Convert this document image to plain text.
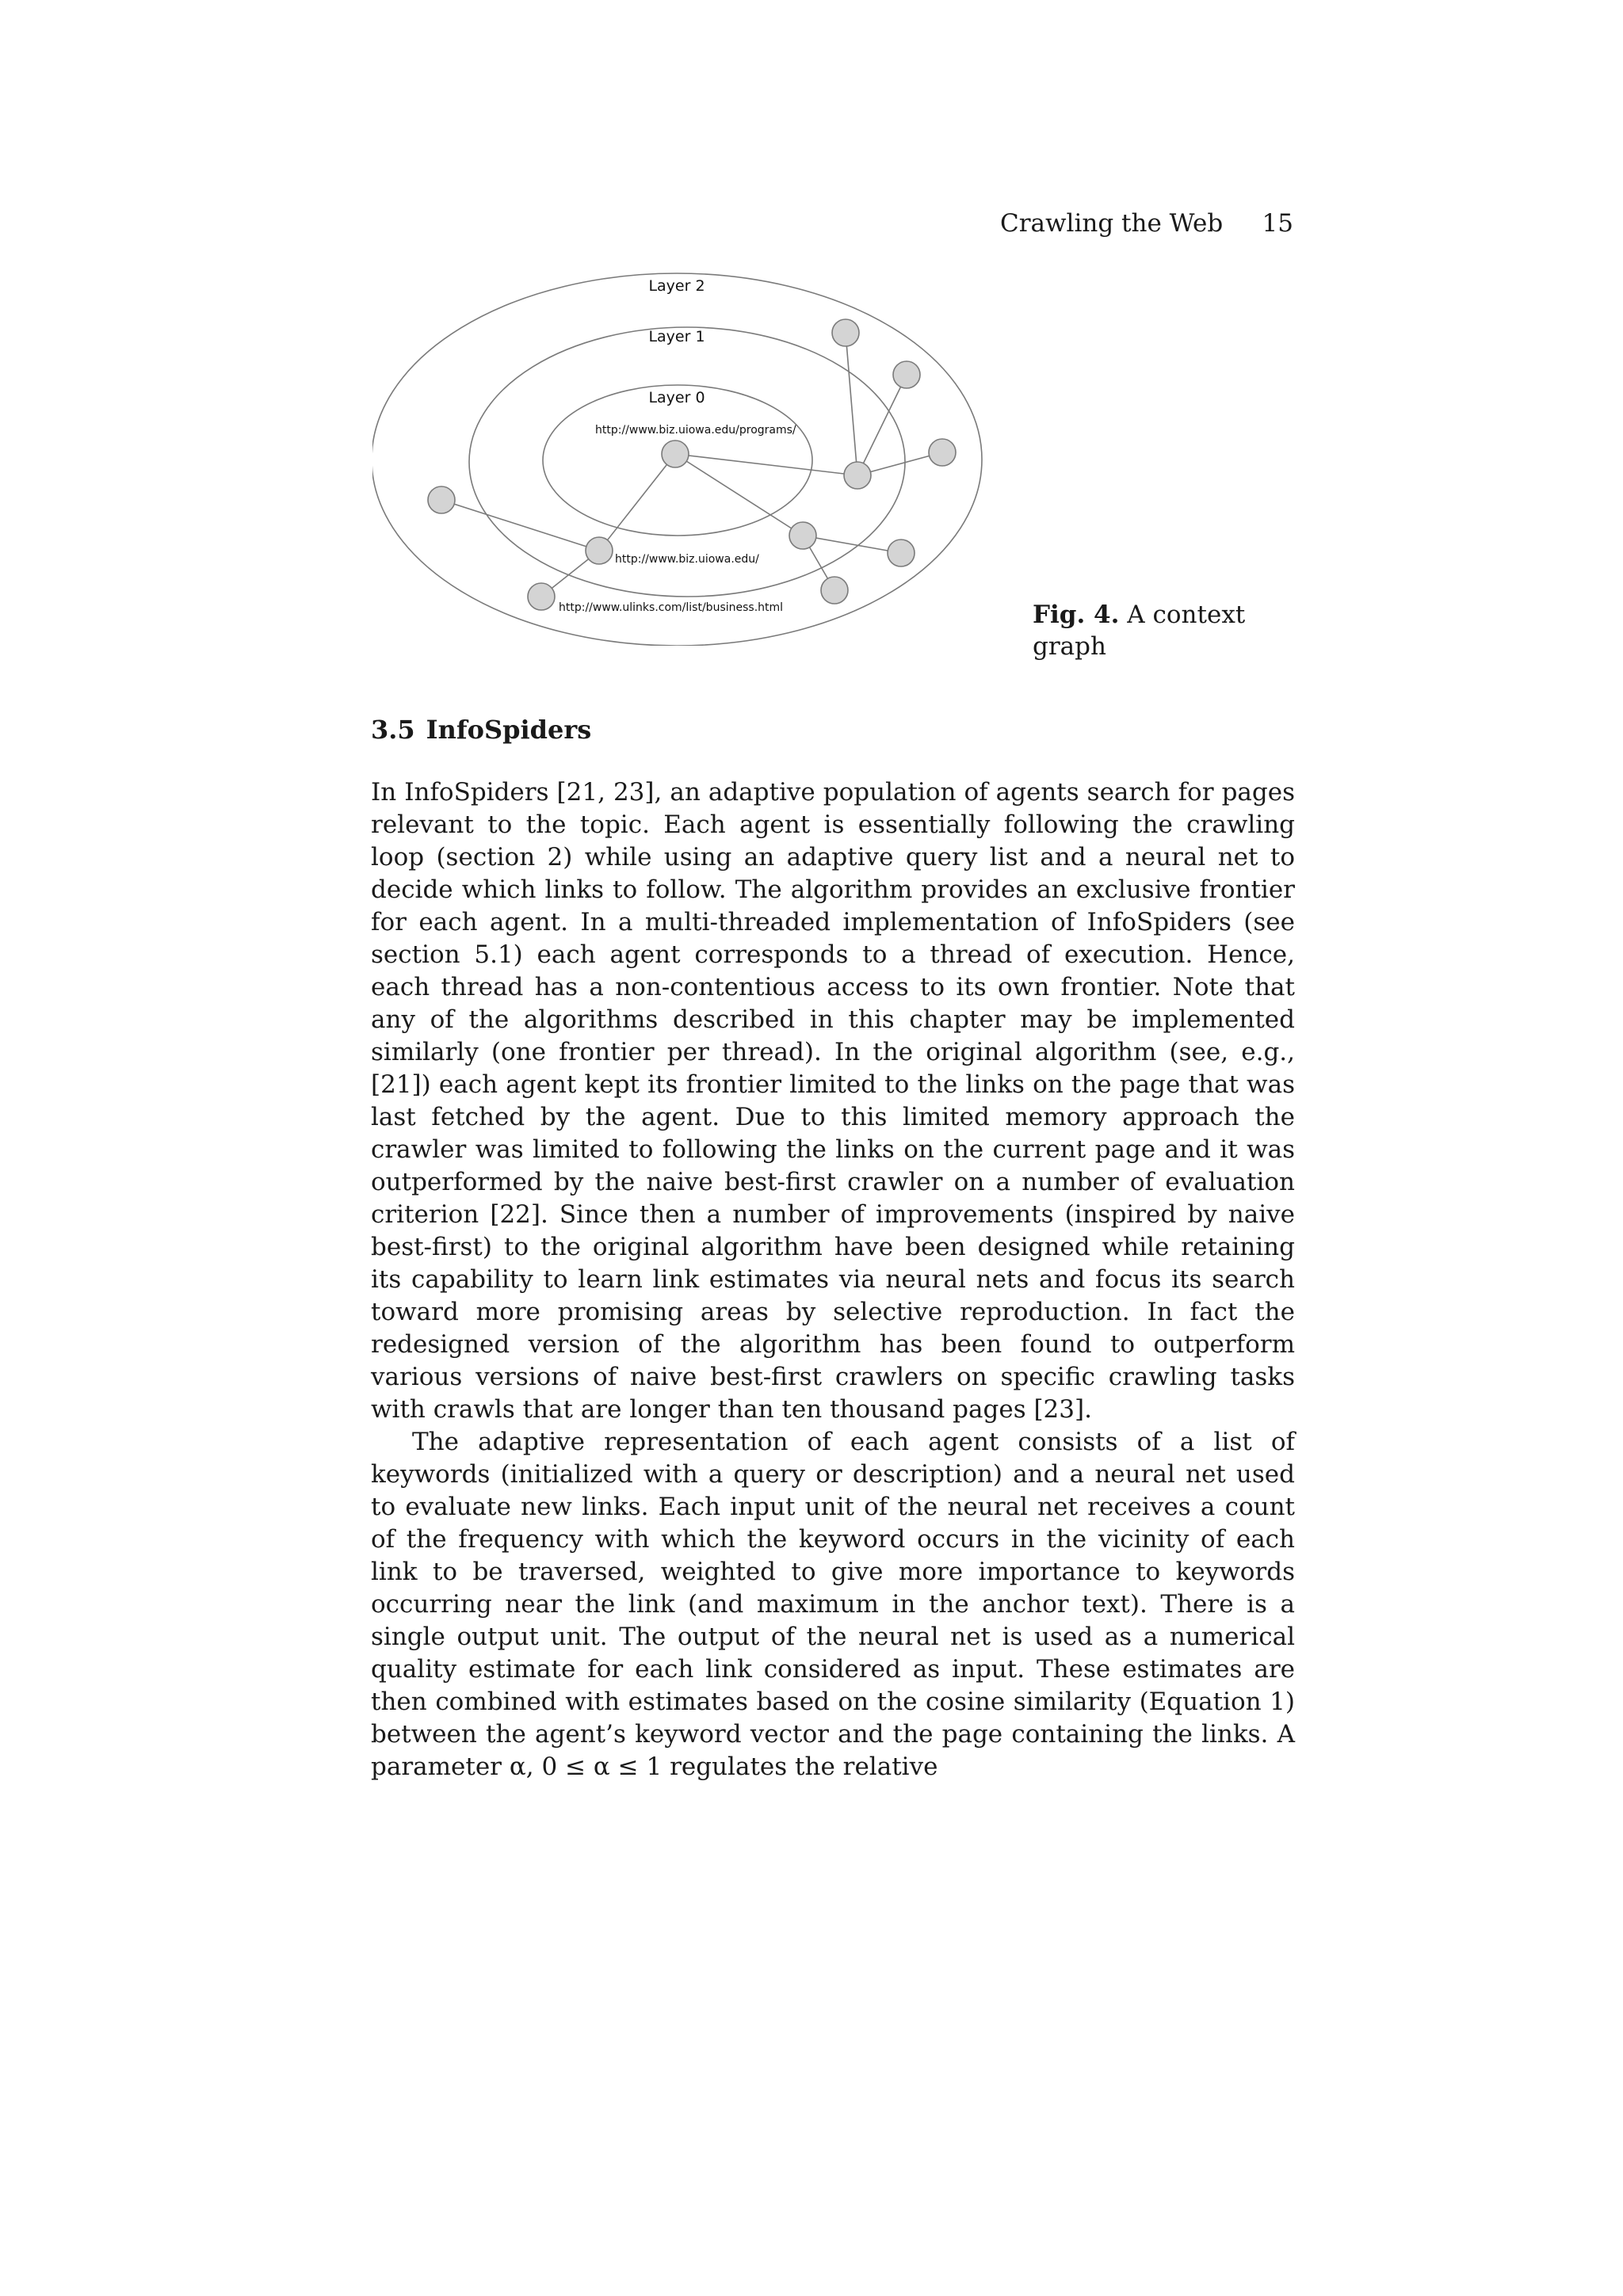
Crawling the Web 15
Layer 2
Layer 1
Layer 0
http://www.biz.uiowa.edu/programs/
http://www.biz.uiowa.edu/
http://www.ulinks.com/list/business.html	Fig. 4. A context graph
3.5 InfoSpiders

In InfoSpiders [21, 23], an adaptive population of agents search for pages relevant to the topic. Each agent is essentially following the crawling loop (section 2) while using an adaptive query list and a neural net to decide which links to follow. The algorithm provides an exclusive frontier for each agent. In a multi-threaded implementation of InfoSpiders (see section 5.1) each agent corresponds to a thread of execution. Hence, each thread has a non-contentious access to its own frontier. Note that any of the algorithms described in this chapter may be implemented similarly (one frontier per thread). In the original algorithm (see, e.g., [21]) each agent kept its frontier limited to the links on the page that was last fetched by the agent. Due to this limited memory approach the crawler was limited to following the links on the current page and it was outperformed by the naive best-first crawler on a number of evaluation criterion [22]. Since then a number of improvements (inspired by naive best-first) to the original algorithm have been designed while retaining its capability to learn link estimates via neural nets and focus its search toward more promising areas by selective reproduction. In fact the redesigned version of the algorithm has been found to outperform various versions of naive best-first crawlers on specific crawling tasks with crawls that are longer than ten thousand pages [23].

The adaptive representation of each agent consists of a list of keywords (initialized with a query or description) and a neural net used to evaluate new links. Each input unit of the neural net receives a count of the frequency with which the keyword occurs in the vicinity of each link to be traversed, weighted to give more importance to keywords occurring near the link (and maximum in the anchor text). There is a single output unit. The output of the neural net is used as a numerical quality estimate for each link considered as input. These estimates are then combined with estimates based on the cosine similarity (Equation 1) between the agent’s keyword vector and the page containing the links. A parameter α, 0 ≤ α ≤ 1 regulates the relative
